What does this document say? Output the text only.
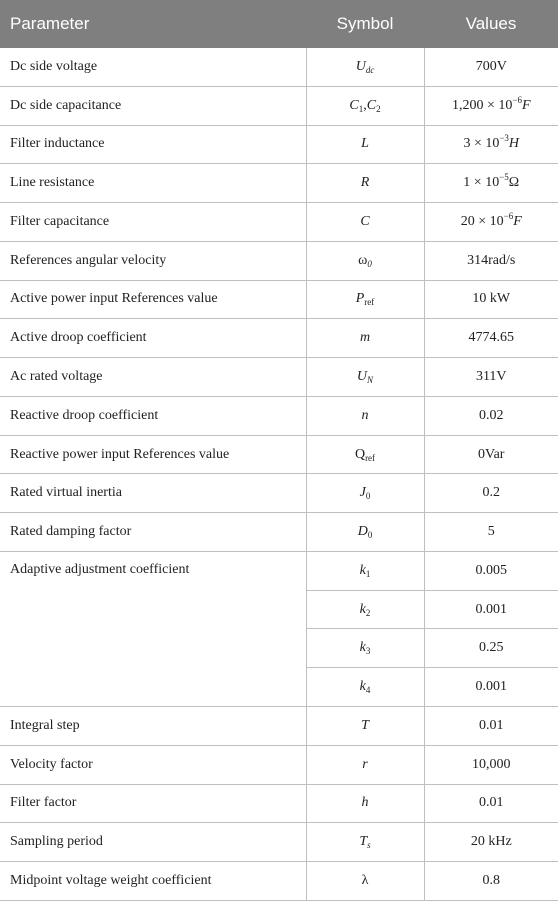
Parameter	Symbol	Values
Dc side voltage	$U_{dc}$	700V
Dc side capacitance	$C_1,C_2$	$1,200 \times 10^{-6}F$
Filter inductance	L	$3 \times 10^{-3}H$
Line resistance	R	$1 \times 10^{-5}\Omega$
Filter capacitance	C	$20 \times 10^{-6}F$
References angular velocity	$\omega_0$	314rad/s
Active power input References value	$P_{ref}$	10 kW
Active droop coefficient	m	4774.65
Ac rated voltage	$U_N$	311V
Reactive droop coefficient	n	0.02
Reactive power input References value	$Q_{ref}$	0Var
Rated virtual inertia	$J_0$	0.2
Rated damping factor	$D_0$	5
Adaptive adjustment coefficient	$k_1$	0.005
	$k_2$	0.001
	$k_3$	0.25
	$k_4$	0.001
Integral step	T	0.01
Velocity factor	r	10,000
Filter factor	h	0.01
Sampling period	$T_s$	20 kHz
Midpoint voltage weight coefficient	λ	0.8
